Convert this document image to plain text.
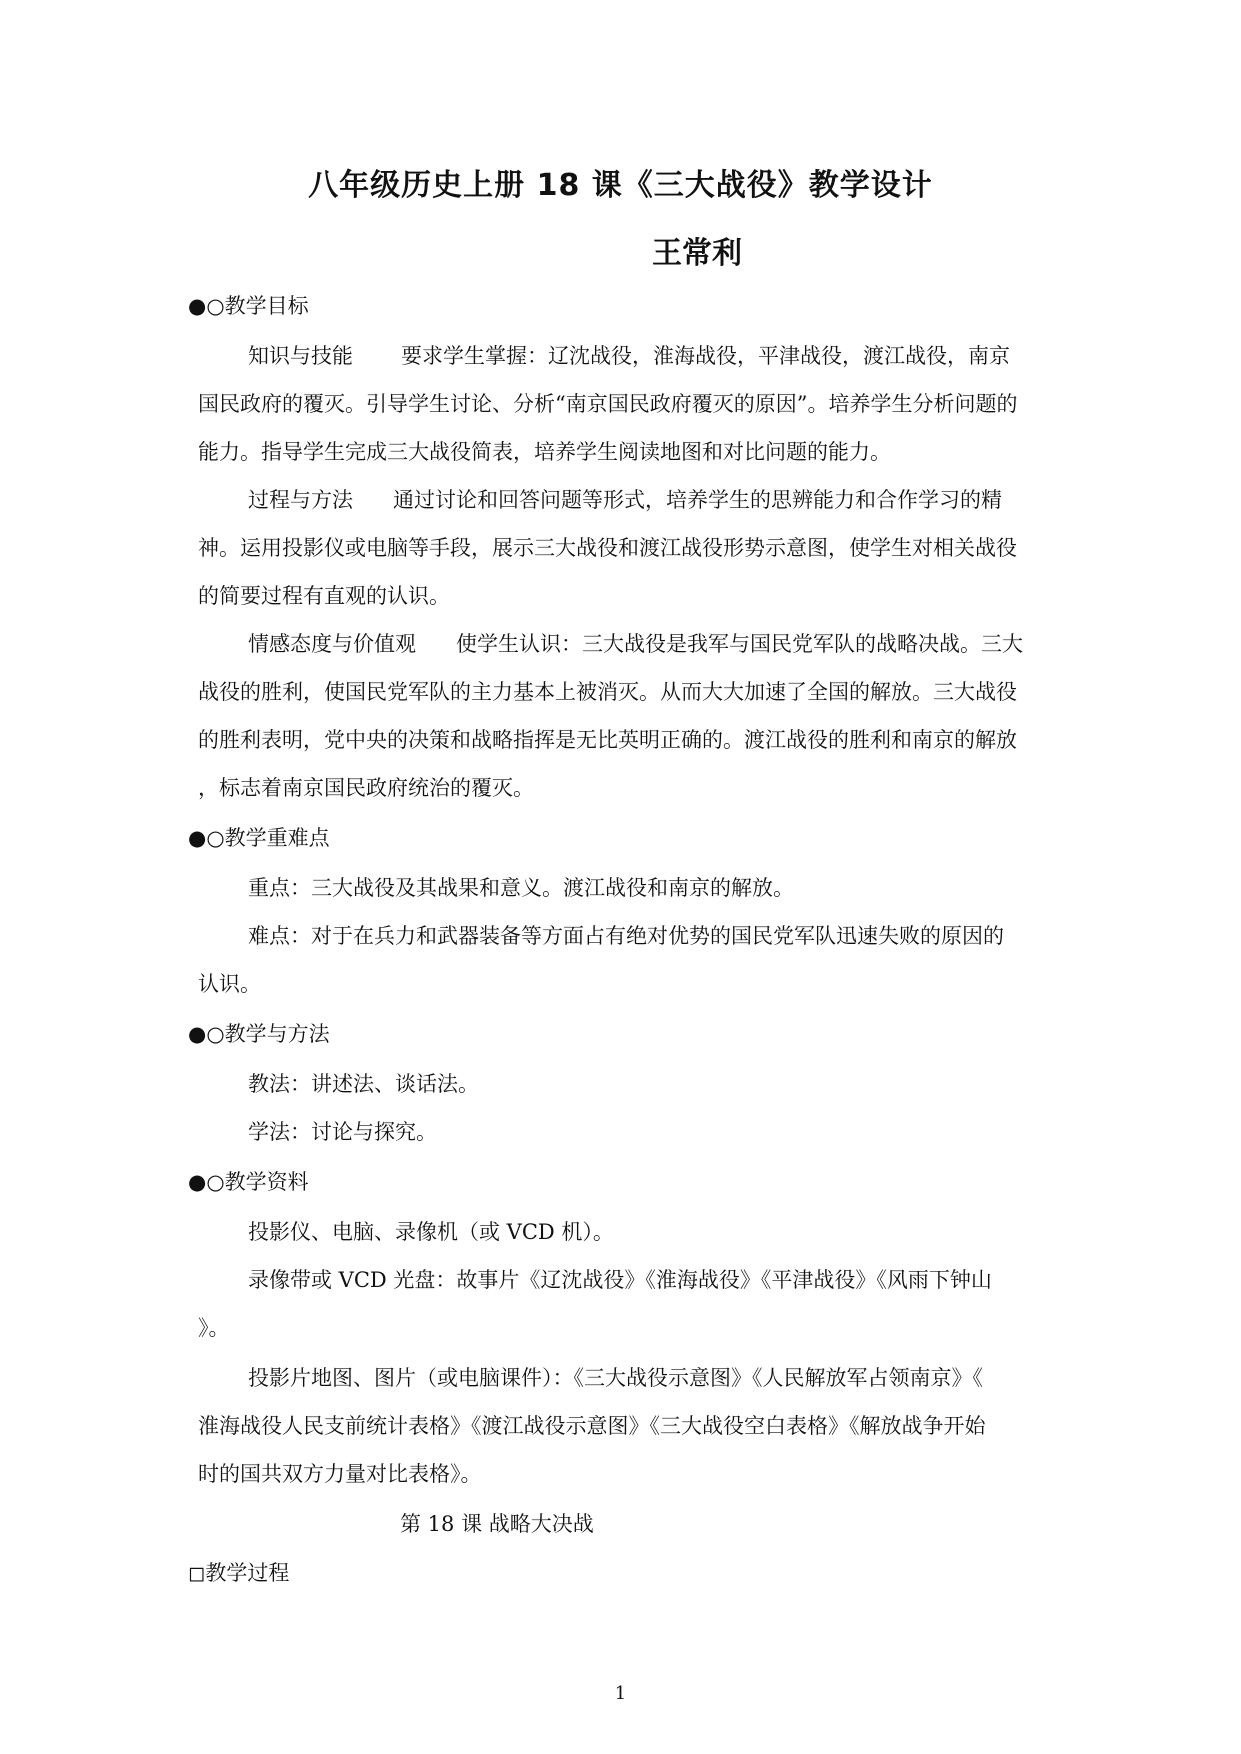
八年级历史上册 18 课《三大战役》教学设计
王常利
●○教学目标
知识与技能 要求学生掌握：辽沈战役，淮海战役，平津战役，渡江战役，南京
国民政府的覆灭。引导学生讨论、分析“南京国民政府覆灭的原因”。培养学生分析问题的
能力。指导学生完成三大战役简表，培养学生阅读地图和对比问题的能力。
过程与方法 通过讨论和回答问题等形式，培养学生的思辨能力和合作学习的精
神。运用投影仪或电脑等手段，展示三大战役和渡江战役形势示意图，使学生对相关战役
的简要过程有直观的认识。
情感态度与价值观 使学生认识：三大战役是我军与国民党军队的战略决战。三大
战役的胜利，使国民党军队的主力基本上被消灭。从而大大加速了全国的解放。三大战役
的胜利表明，党中央的决策和战略指挥是无比英明正确的。渡江战役的胜利和南京的解放
，标志着南京国民政府统治的覆灭。
●○教学重难点
重点：三大战役及其战果和意义。渡江战役和南京的解放。
难点：对于在兵力和武器装备等方面占有绝对优势的国民党军队迅速失败的原因的
认识。
●○教学与方法
教法：讲述法、谈话法。
学法：讨论与探究。
●○教学资料
投影仪、电脑、录像机（或 VCD 机）。
录像带或 VCD 光盘：故事片《辽沈战役》《淮海战役》《平津战役》《风雨下钟山
》。
投影片地图、图片（或电脑课件）：《三大战役示意图》《人民解放军占领南京》《
淮海战役人民支前统计表格》《渡江战役示意图》《三大战役空白表格》《解放战争开始
时的国共双方力量对比表格》。
第 18 课 战略大决战
◻教学过程
1
